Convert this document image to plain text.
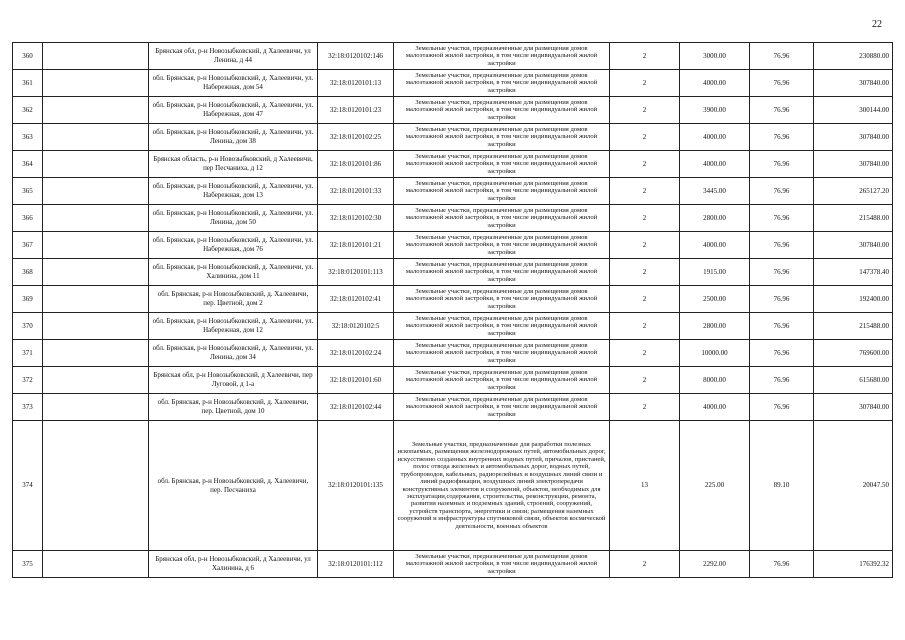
22
360		Брянская обл, р-н Новозыбковский, д Халеевичи, ул Ленина, д 44	32:18:0120102:146	Земельные участки, предназначенные для размещения домов малоэтажной жилой застройки, в том числе индивидуальной жилой застройки	2	3000.00	76.96	230880.00
361		обл. Брянская, р-н Новозыбковский, д. Халеевичи, ул. Набережная, дом 54	32:18:0120101:13	Земельные участки, предназначенные для размещения домов малоэтажной жилой застройки, в том числе индивидуальной жилой застройки	2	4000.00	76.96	307840.00
362		обл. Брянская, р-н Новозыбковский, д. Халеевичи, ул. Набережная, дом 47	32:18:0120101:23	Земельные участки, предназначенные для размещения домов малоэтажной жилой застройки, в том числе индивидуальной жилой застройки	2	3900.00	76.96	300144.00
363		обл. Брянская, р-н Новозыбковский, д. Халеевичи, ул. Ленина, дом 38	32:18:0120102:25	Земельные участки, предназначенные для размещения домов малоэтажной жилой застройки, в том числе индивидуальной жилой застройки	2	4000.00	76.96	307840.00
364		Брянская область, р-н Новозыбковский, д Халеевичи, пер Песчаниха, д 12	32:18:0120101:86	Земельные участки, предназначенные для размещения домов малоэтажной жилой застройки, в том числе индивидуальной жилой застройки	2	4000.00	76.96	307840.00
365		обл. Брянская, р-н Новозыбковский, д. Халеевичи, ул. Набережная, дом 13	32:18:0120101:33	Земельные участки, предназначенные для размещения домов малоэтажной жилой застройки, в том числе индивидуальной жилой застройки	2	3445.00	76.96	265127.20
366		обл. Брянская, р-н Новозыбковский, д. Халеевичи, ул. Ленина, дом 50	32:18:0120102:30	Земельные участки, предназначенные для размещения домов малоэтажной жилой застройки, в том числе индивидуальной жилой застройки	2	2800.00	76.96	215488.00
367		обл. Брянская, р-н Новозыбковский, д. Халеевичи, ул. Набережная, дом 76	32:18:0120101:21	Земельные участки, предназначенные для размещения домов малоэтажной жилой застройки, в том числе индивидуальной жилой застройки	2	4000.00	76.96	307840.00
368		обл. Брянская, р-н Новозыбковский, д. Халеевичи, ул. Халинина, дом 11	32:18:0120101:113	Земельные участки, предназначенные для размещения домов малоэтажной жилой застройки, в том числе индивидуальной жилой застройки	2	1915.00	76.96	147378.40
369		обл. Брянская, р-н Новозыбковский, д. Халеевичи, пер. Цветной, дом 2	32:18:0120102:41	Земельные участки, предназначенные для размещения домов малоэтажной жилой застройки, в том числе индивидуальной жилой застройки	2	2500.00	76.96	192400.00
370		обл. Брянская, р-н Новозыбковский, д. Халеевичи, ул. Набережная, дом 12	32:18:0120102:5	Земельные участки, предназначенные для размещения домов малоэтажной жилой застройки, в том числе индивидуальной жилой застройки	2	2800.00	76.96	215488.00
371		обл. Брянская, р-н Новозыбковский, д. Халеевичи, ул. Ленина, дом 34	32:18:0120102:24	Земельные участки, предназначенные для размещения домов малоэтажной жилой застройки, в том числе индивидуальной жилой застройки	2	10000.00	76.96	769600.00
372		Брянская обл, р-н Новозыбковский, д Халеевичи, пер Луговой, д 1-а	32:18:0120101:60	Земельные участки, предназначенные для размещения домов малоэтажной жилой застройки, в том числе индивидуальной жилой застройки	2	8000.00	76.96	615680.00
373		обл. Брянская, р-н Новозыбковский, д. Халеевичи, пер. Цветной, дом 10	32:18:0120102:44	Земельные участки, предназначенные для размещения домов малоэтажной жилой застройки, в том числе индивидуальной жилой застройки	2	4000.00	76.96	307840.00
374		обл. Брянская, р-н Новозыбковский, д. Халеевичи, пер. Песчаниха	32:18:0120101:135	Земельные участки, предназначенные для разработки полезных ископаемых, размещения железнодорожных путей, автомобильных дорог, искусственно созданных внутренних водных путей, причалов, пристаней, полос отвода железных и автомобильных дорог, водных путей, трубопроводов, кабельных, радиорелейных и воздушных линий связи и линий радиофикации, воздушных линий электропередачи конструктивных элементов и сооружений, объектов, необходимых для эксплуатации,содержания, строительства, реконструкции, ремонта, развития наземных и подземных зданий, строений, сооружений, устройств транспорта, энергетики и связи; размещения наземных сооружений и инфраструктуры спутниковой связи, объектов космической деятельности, военных объектов	13	225.00	89.10	20047.50
375		Брянская обл, р-н Новозыбковский, д Халеевичи, ул Халинина, д 6	32:18:0120101:112	Земельные участки, предназначенные для размещения домов малоэтажной жилой застройки, в том числе индивидуальной жилой застройки	2	2292.00	76.96	176392.32
